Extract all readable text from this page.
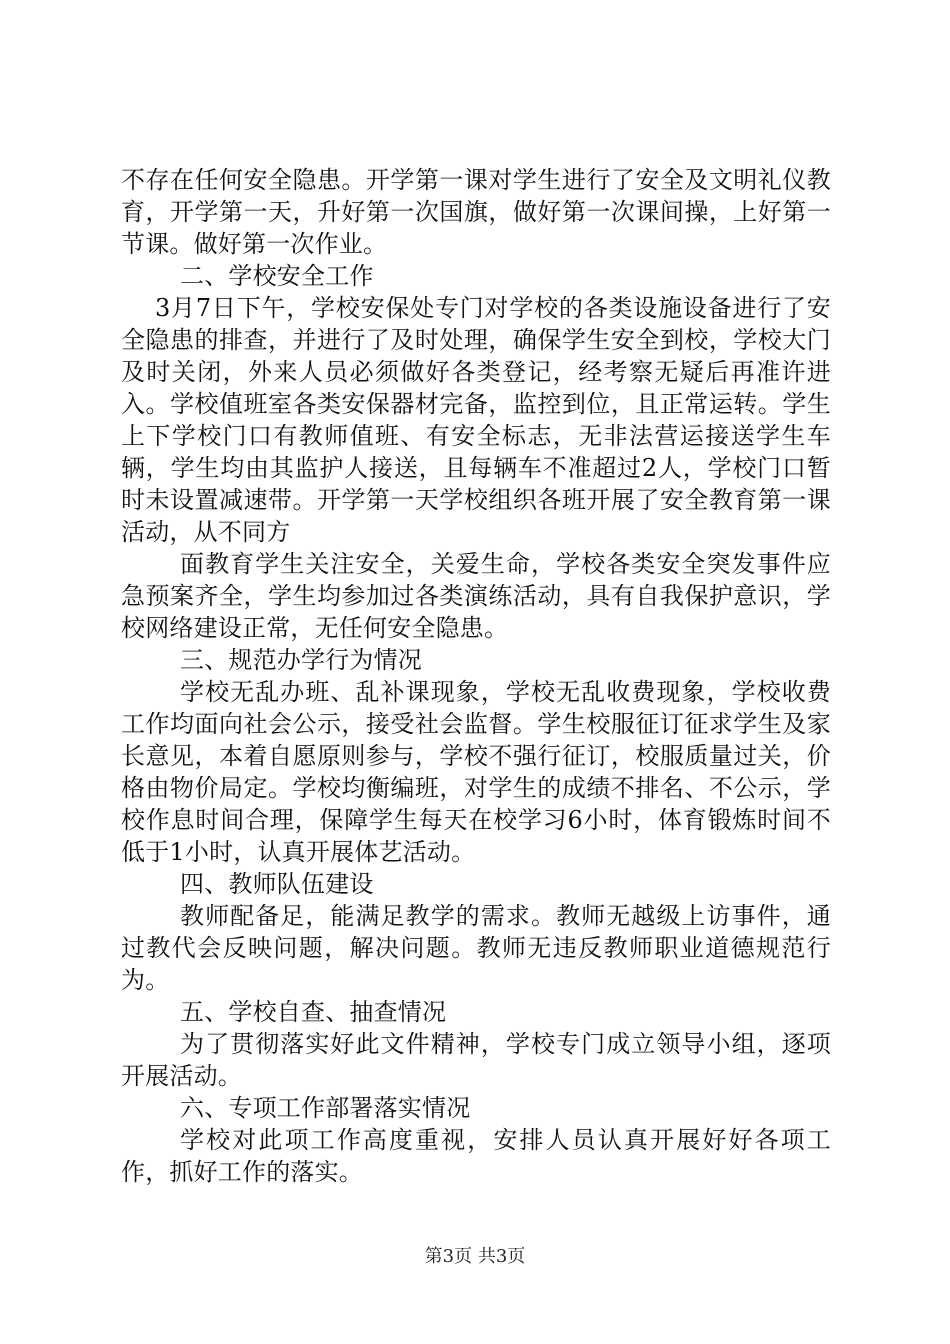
不存在任何安全隐患。开学第一课对学生进行了安全及文明礼仪教育，开学第一天，升好第一次国旗，做好第一次课间操，上好第一节课。做好第一次作业。

二、学校安全工作

3月7日下午，学校安保处专门对学校的各类设施设备进行了安全隐患的排查，并进行了及时处理，确保学生安全到校，学校大门及时关闭，外来人员必须做好各类登记，经考察无疑后再准许进入。学校值班室各类安保器材完备，监控到位，且正常运转。学生上下学校门口有教师值班、有安全标志，无非法营运接送学生车辆，学生均由其监护人接送，且每辆车不准超过2人，学校门口暂时未设置减速带。开学第一天学校组织各班开展了安全教育第一课活动，从不同方

面教育学生关注安全，关爱生命，学校各类安全突发事件应急预案齐全，学生均参加过各类演练活动，具有自我保护意识，学校网络建设正常，无任何安全隐患。

三、规范办学行为情况

学校无乱办班、乱补课现象，学校无乱收费现象，学校收费工作均面向社会公示，接受社会监督。学生校服征订征求学生及家长意见，本着自愿原则参与，学校不强行征订，校服质量过关，价格由物价局定。学校均衡编班，对学生的成绩不排名、不公示，学校作息时间合理，保障学生每天在校学习6小时，体育锻炼时间不低于1小时，认真开展体艺活动。

四、教师队伍建设

教师配备足，能满足教学的需求。教师无越级上访事件，通过教代会反映问题，解决问题。教师无违反教师职业道德规范行为。

五、学校自查、抽查情况

为了贯彻落实好此文件精神，学校专门成立领导小组，逐项开展活动。

六、专项工作部署落实情况

学校对此项工作高度重视，安排人员认真开展好好各项工作，抓好工作的落实。

第3页 共3页
